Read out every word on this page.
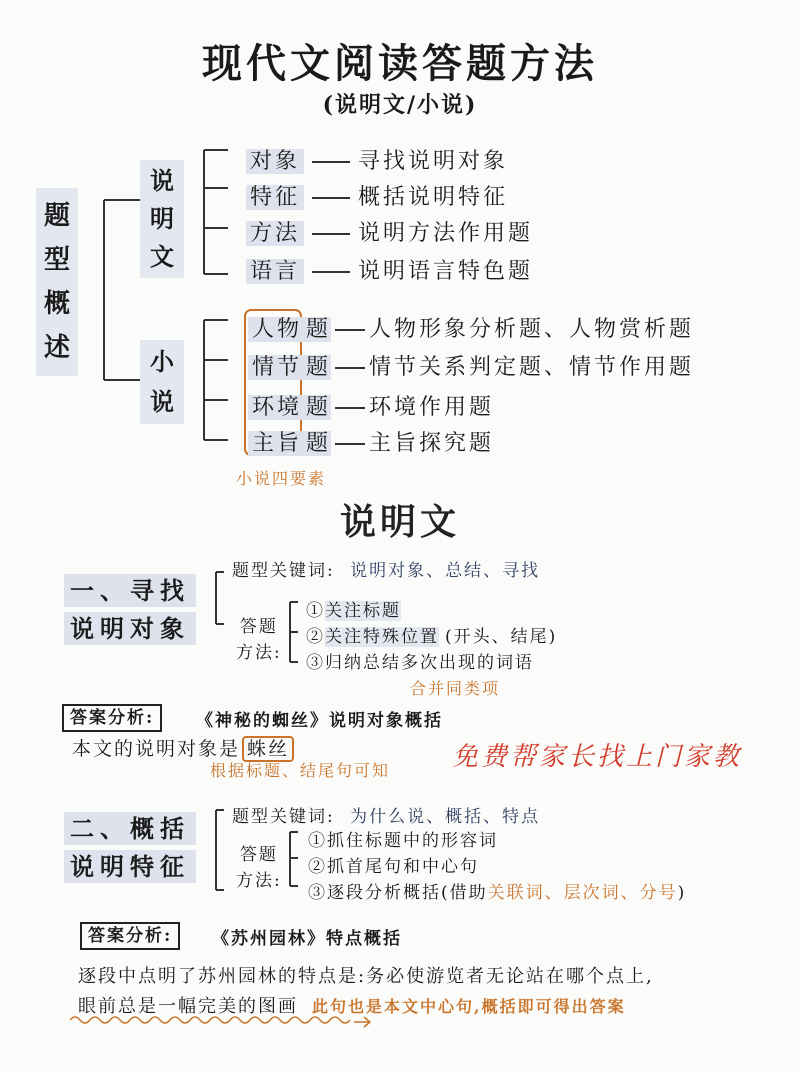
现代文阅读答题方法
(说明文/小说)
题
型
概
述
说
明
文
小
说
对象	寻找说明对象
特征	概括说明特征
方法	说明方法作用题
语言	说明语言特色题
人物 题 人物形象分析题、人物赏析题
情节 题 情节关系判定题、情节作用题
环境 题 环境作用题
主旨 题 主旨探究题
小说四要素
说明文
一、寻找
说明对象
题型关键词: 说明对象、总结、寻找
答题
方法:
①关注标题
②关注特殊位置 (开头、结尾)
③归纳总结多次出现的词语
合并同类项
答案分析:	《神秘的蜘丝》说明对象概括
本文的说明对象是 蛛丝
根据标题、结尾句可知 免费帮家长找上门家教
二、概括
说明特征
题型关键词: 为什么说、概括、特点
答题
方法:
①抓住标题中的形容词
②抓首尾句和中心句
③逐段分析概括(借助关联词、层次词、分号)
答案分析:	《苏州园林》特点概括
逐段中点明了苏州园林的特点是:务必使游览者无论站在哪个点上,
眼前总是一幅完美的图画 此句也是本文中心句,概括即可得出答案
